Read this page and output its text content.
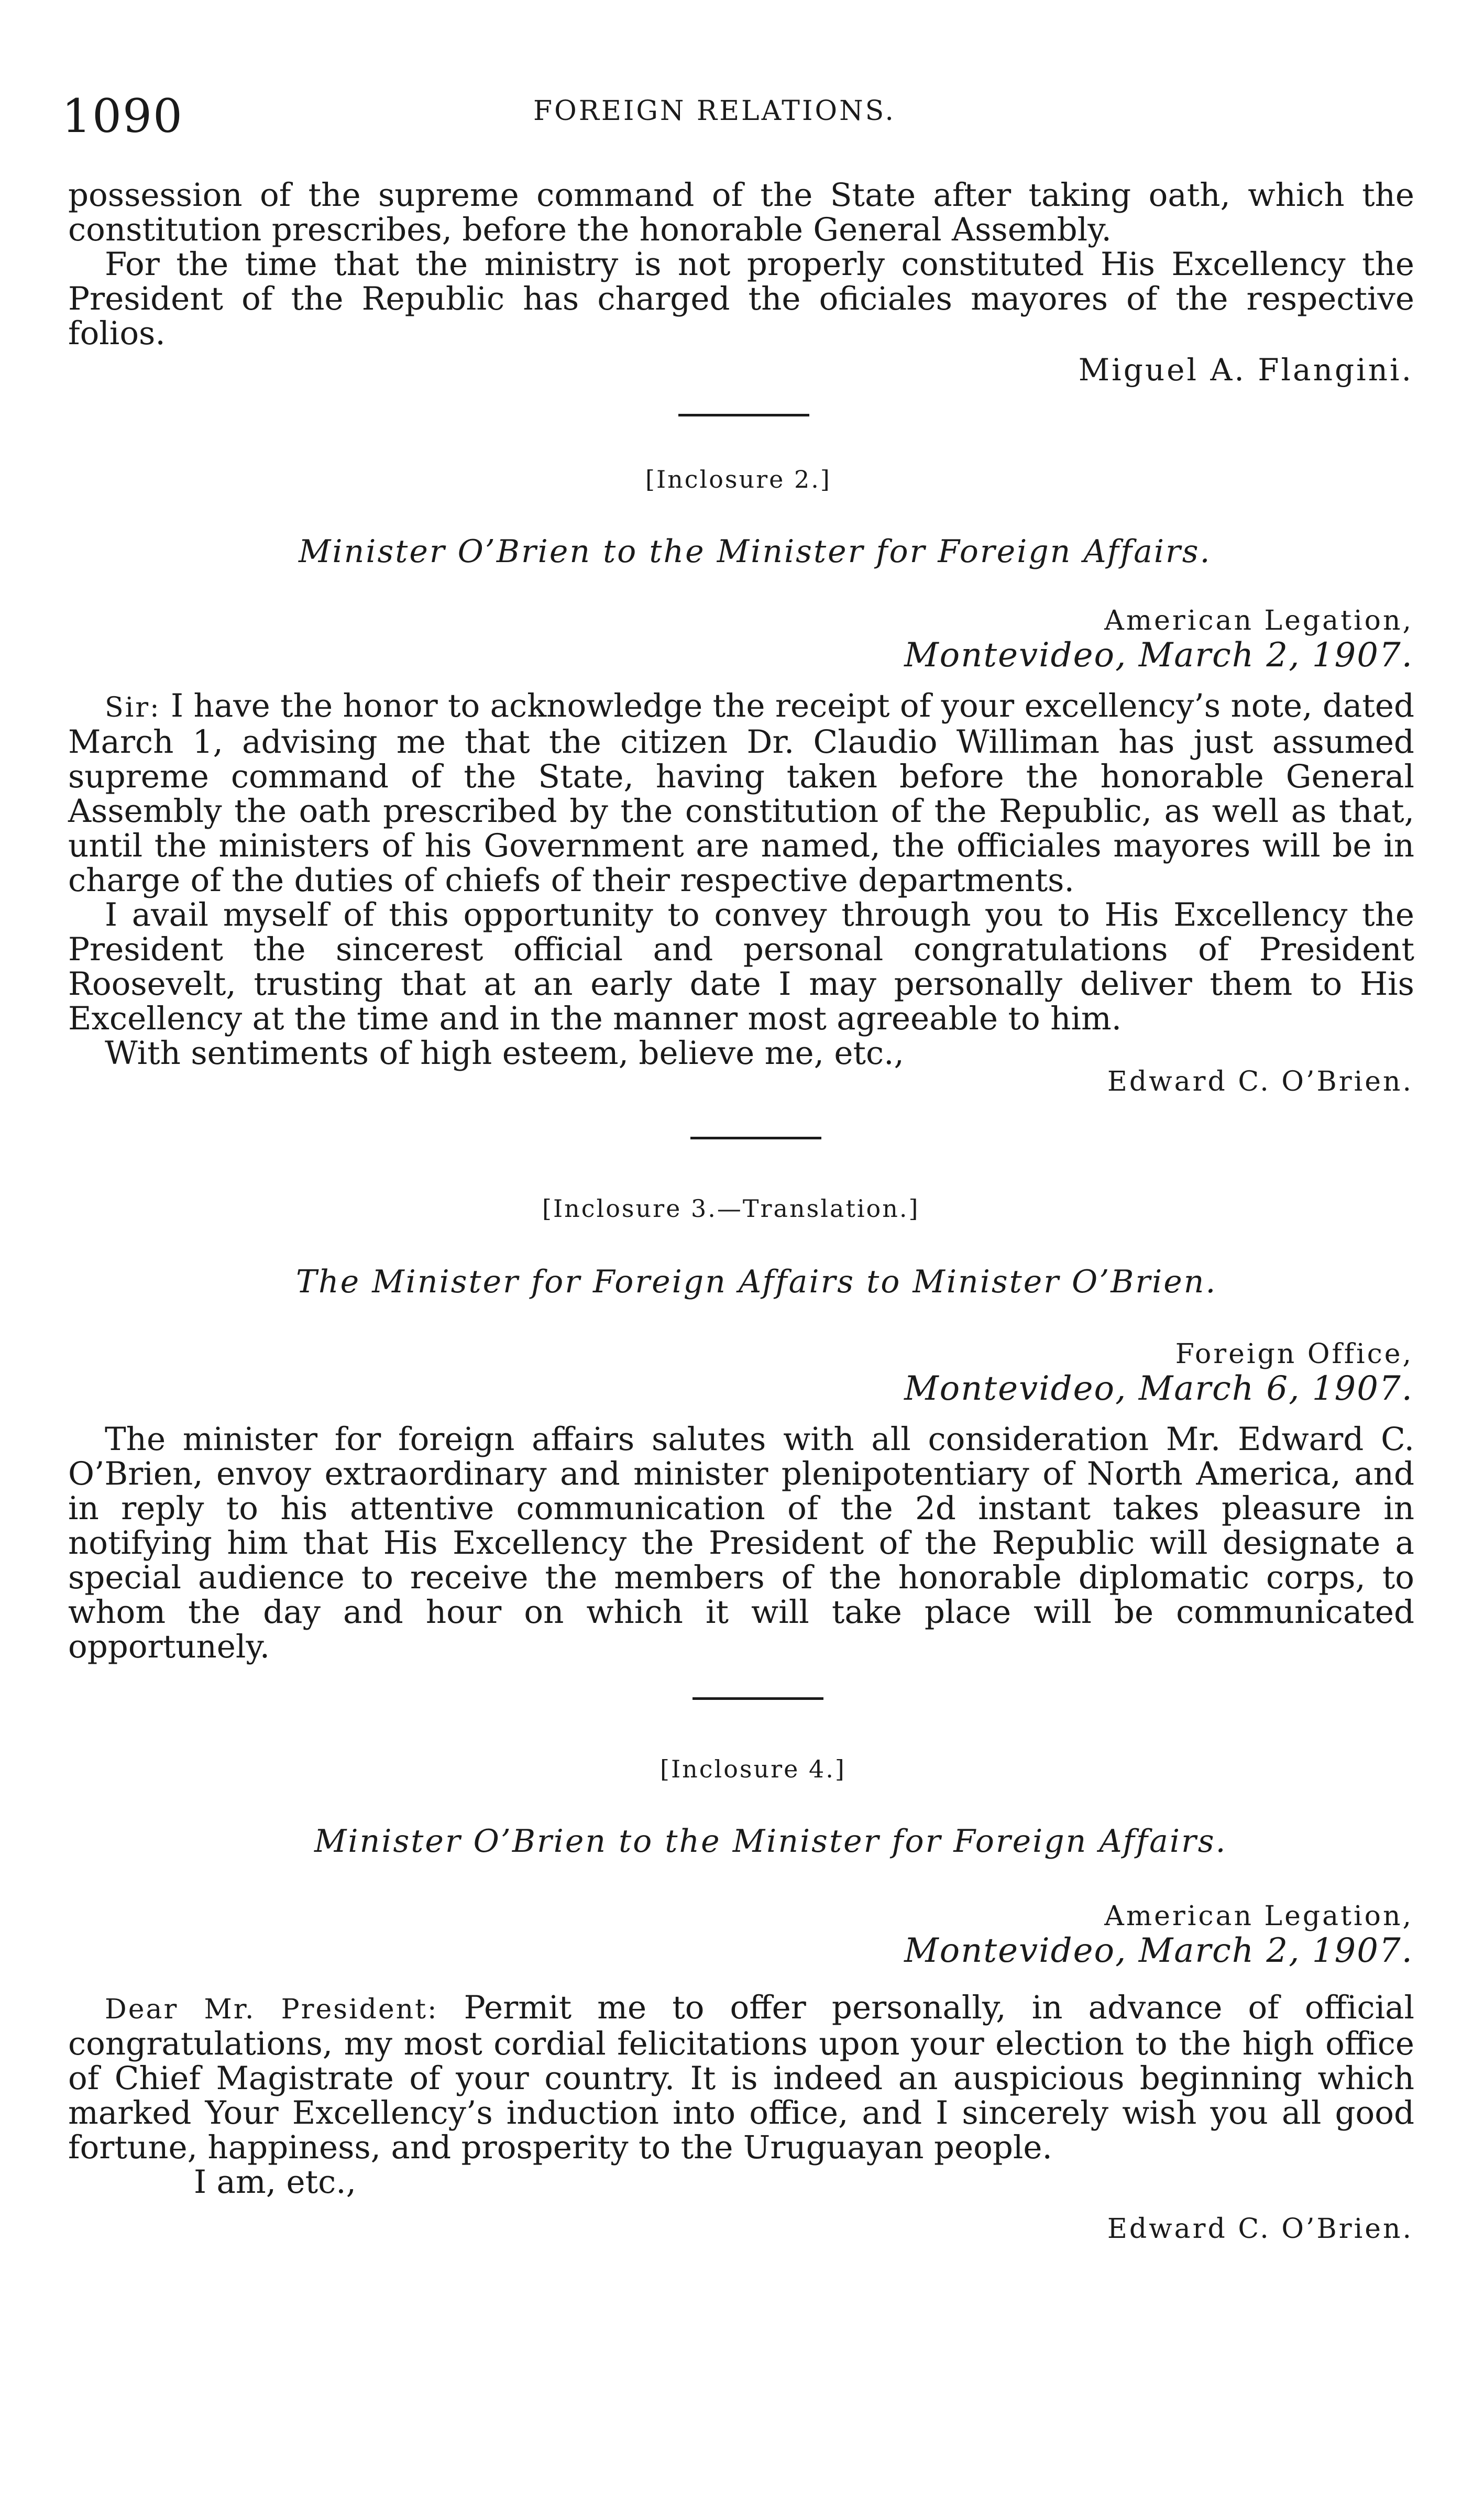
1090	FOREIGN RELATIONS.

possession of the supreme command of the State after taking oath, which the constitution prescribes, before the honorable General Assembly.

For the time that the ministry is not properly constituted His Excellency the President of the Republic has charged the oficiales mayores of the respective folios.

Miguel A. Flangini.
[Inclosure 2.]
Minister O’Brien to the Minister for Foreign Affairs.
American Legation,
Montevideo, March 2, 1907.

Sir: I have the honor to acknowledge the receipt of your excellency’s note, dated March 1, advising me that the citizen Dr. Claudio Williman has just assumed supreme command of the State, having taken before the honorable General Assembly the oath prescribed by the constitution of the Republic, as well as that, until the ministers of his Government are named, the officiales mayores will be in charge of the duties of chiefs of their respective departments.

I avail myself of this opportunity to convey through you to His Excellency the President the sincerest official and personal congratulations of President Roosevelt, trusting that at an early date I may personally deliver them to His Excellency at the time and in the manner most agreeable to him.

With sentiments of high esteem, believe me, etc.,

Edward C. O’Brien.
[Inclosure 3.—Translation.]
The Minister for Foreign Affairs to Minister O’Brien.
Foreign Office,
Montevideo, March 6, 1907.

The minister for foreign affairs salutes with all consideration Mr. Edward C. O’Brien, envoy extraordinary and minister plenipotentiary of North America, and in reply to his attentive communication of the 2d instant takes pleasure in notifying him that His Excellency the President of the Republic will designate a special audience to receive the members of the honorable diplomatic corps, to whom the day and hour on which it will take place will be communicated opportunely.

[Inclosure 4.]
Minister O’Brien to the Minister for Foreign Affairs.
American Legation,
Montevideo, March 2, 1907.

Dear Mr. President: Permit me to offer personally, in advance of official congratulations, my most cordial felicitations upon your election to the high office of Chief Magistrate of your country. It is indeed an auspicious beginning which marked Your Excellency’s induction into office, and I sincerely wish you all good fortune, happiness, and prosperity to the Uruguayan people.

I am, etc.,

Edward C. O’Brien.
